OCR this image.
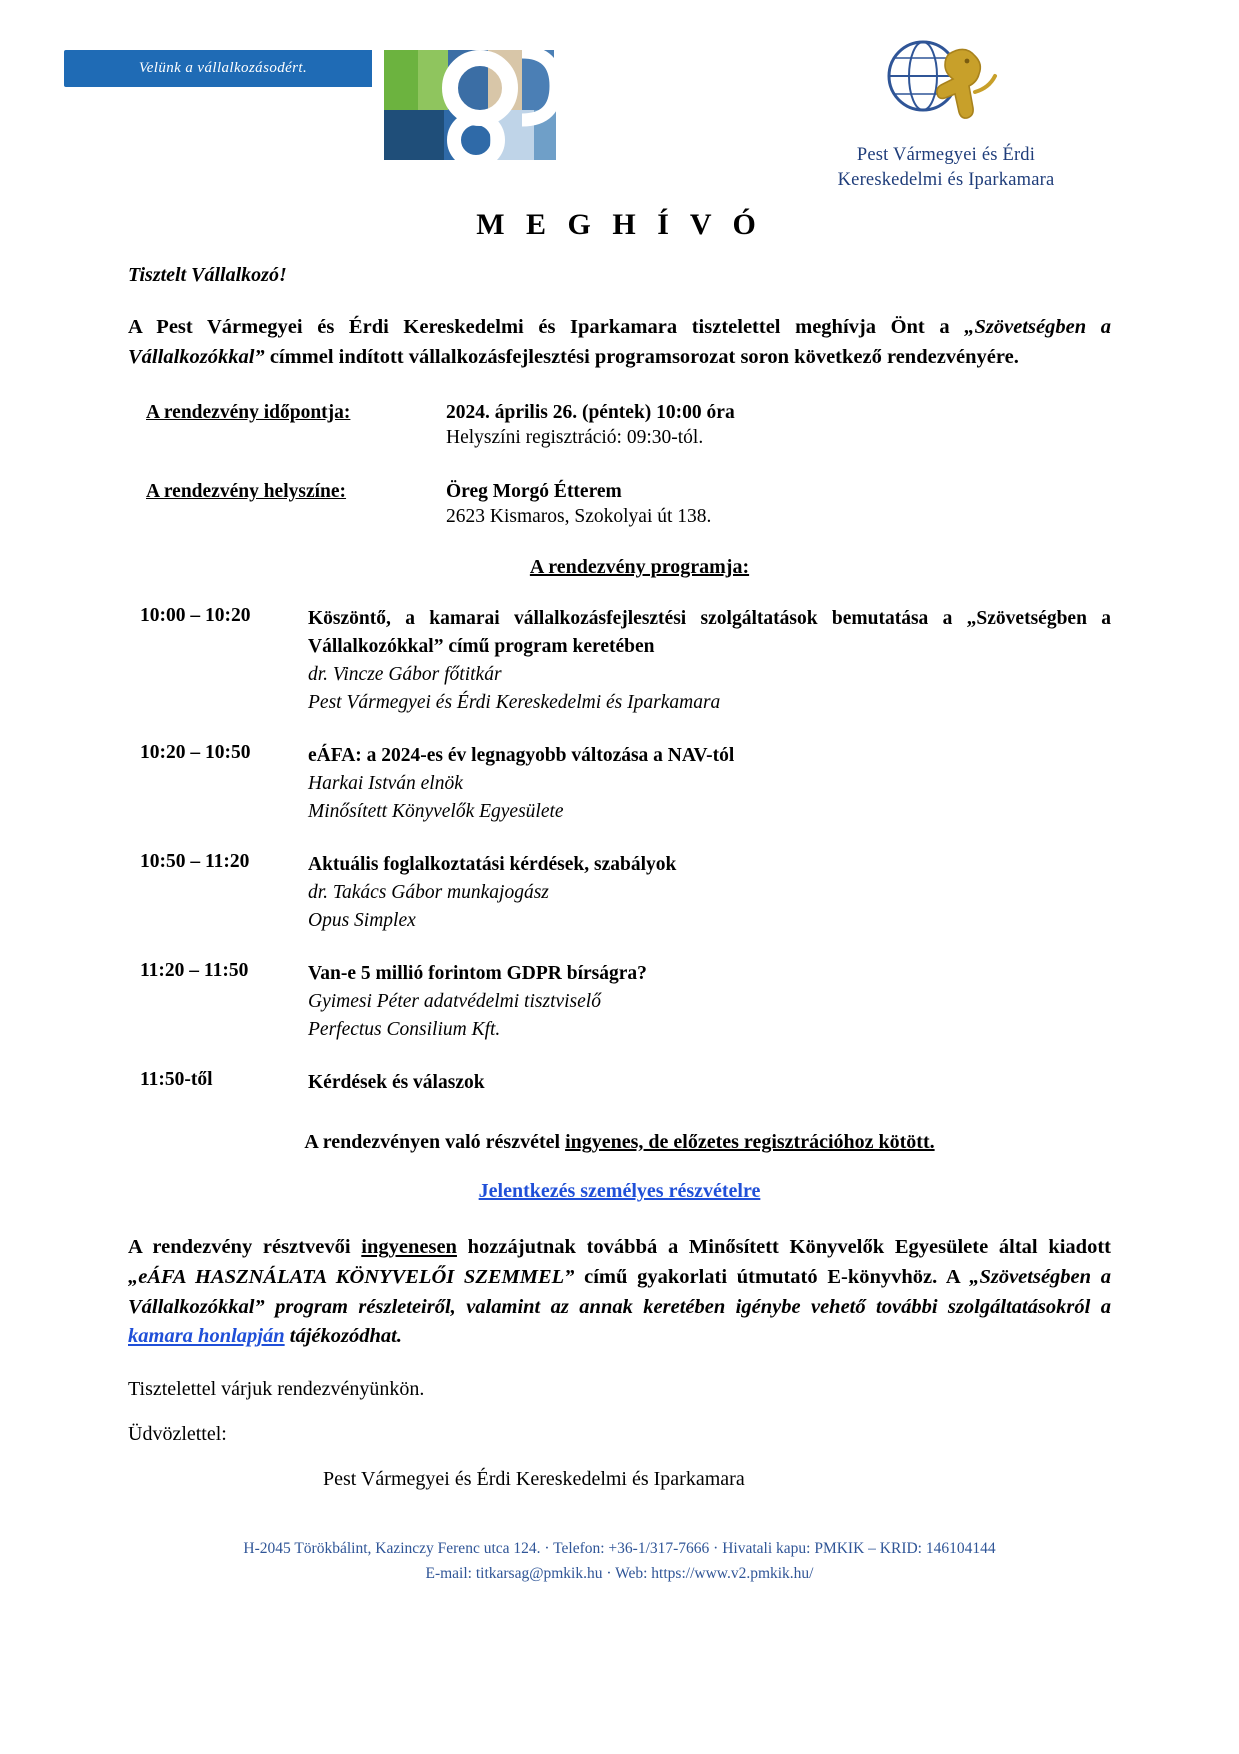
Velünk a vállalkozásodért.
Pest Vármegyei és Érdi
Kereskedelmi és Iparkamara
M E G H Í V Ó
Tisztelt Vállalkozó!

A Pest Vármegyei és Érdi Kereskedelmi és Iparkamara tisztelettel meghívja Önt a „Szövetségben a Vállalkozókkal” címmel indított vállalkozásfejlesztési programsorozat soron következő rendezvényére.

A rendezvény időpontja:	2024. április 26. (péntek) 10:00 óra
Helyszíni regisztráció: 09:30-tól.
A rendezvény helyszíne:	Öreg Morgó Étterem
2623 Kismaros, Szokolyai út 138.
A rendezvény programja:
10:00 – 10:20	Köszöntő, a kamarai vállalkozásfejlesztési szolgáltatások bemutatása a „Szövetségben a Vállalkozókkal” című program keretében
dr. Vincze Gábor főtitkár
Pest Vármegyei és Érdi Kereskedelmi és Iparkamara
10:20 – 10:50	eÁFA: a 2024-es év legnagyobb változása a NAV-tól
Harkai István elnök
Minősített Könyvelők Egyesülete
10:50 – 11:20	Aktuális foglalkoztatási kérdések, szabályok
dr. Takács Gábor munkajogász
Opus Simplex
11:20 – 11:50	Van-e 5 millió forintom GDPR bírságra?
Gyimesi Péter adatvédelmi tisztviselő
Perfectus Consilium Kft.
11:50-től	Kérdések és válaszok
A rendezvényen való részvétel ingyenes, de előzetes regisztrációhoz kötött.
Jelentkezés személyes részvételre

A rendezvény résztvevői ingyenesen hozzájutnak továbbá a Minősített Könyvelők Egyesülete által kiadott „eÁFA HASZNÁLATA KÖNYVELŐI SZEMMEL” című gyakorlati útmutató E-könyvhöz. A „Szövetségben a Vállalkozókkal” program részleteiről, valamint az annak keretében igénybe vehető további szolgáltatásokról a kamara honlapján tájékozódhat.

Tisztelettel várjuk rendezvényünkön.
Üdvözlettel:
Pest Vármegyei és Érdi Kereskedelmi és Iparkamara
H-2045 Törökbálint, Kazinczy Ferenc utca 124. · Telefon: +36-1/317-7666 · Hivatali kapu: PMKIK – KRID: 146104144
E-mail: titkarsag@pmkik.hu · Web: https://www.v2.pmkik.hu/
